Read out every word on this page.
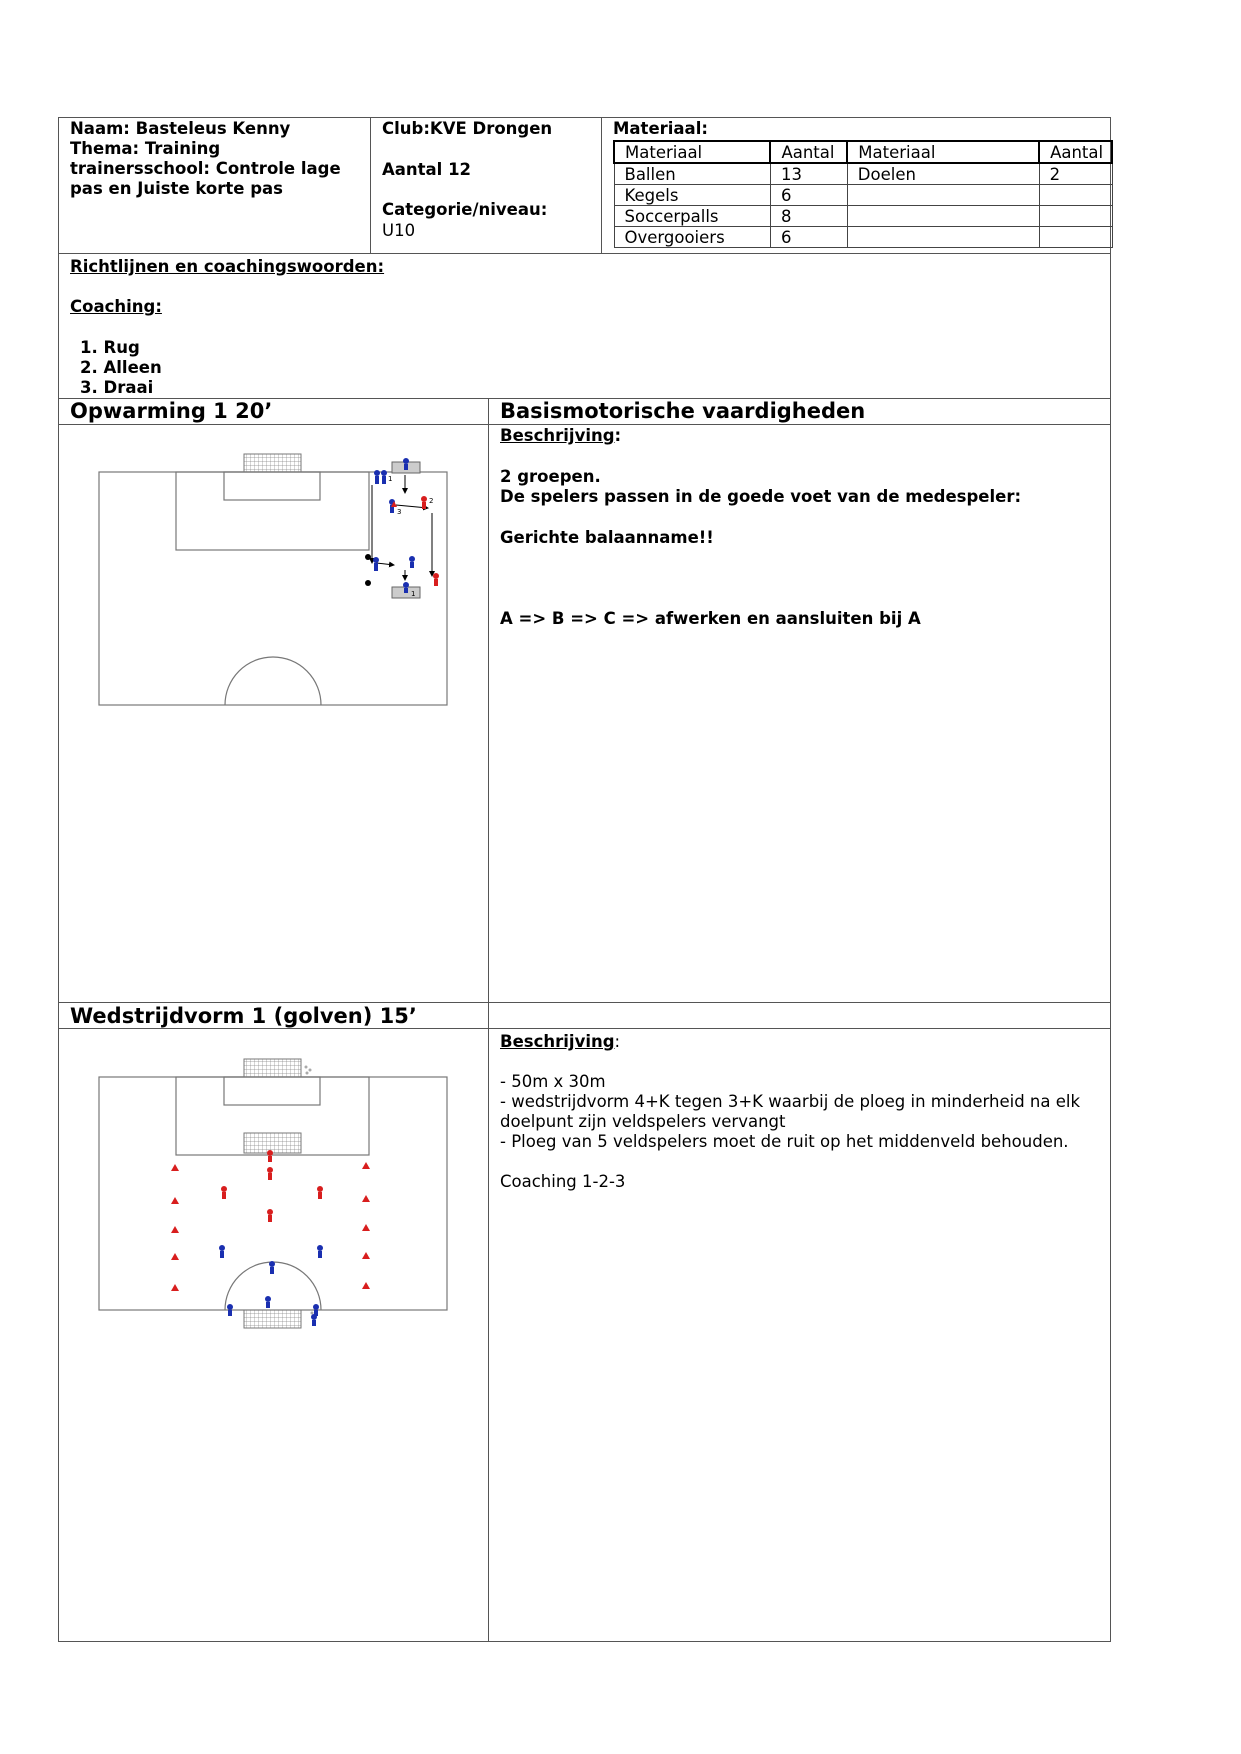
Naam: Basteleus Kenny
Thema: Training
trainersschool: Controle lage
pas en Juiste korte pas
Club:KVE Drongen
Aantal 12
Categorie/niveau:
U10
Materiaal:
Materiaal	Aantal	Materiaal	Aantal
Ballen	13	Doelen	2
Kegels	6		
Soccerpalls	8		
Overgooiers	6		
Richtlijnen en coachingswoorden:
Coaching:
1. Rug
2. Alleen
3. Draai
Opwarming 1 20’	Basismotorische vaardigheden
Beschrijving:
2 groepen.
De spelers passen in de goede voet van de medespeler:
Gerichte balaanname!!
A => B => C => afwerken en aansluiten bij A
1
2
3
1
Wedstrijdvorm 1 (golven) 15’
Beschrijving:
- 50m x 30m
- wedstrijdvorm 4+K tegen 3+K waarbij de ploeg in minderheid na elk
doelpunt zijn veldspelers vervangt
- Ploeg van 5 veldspelers moet de ruit op het middenveld behouden.
Coaching 1-2-3
